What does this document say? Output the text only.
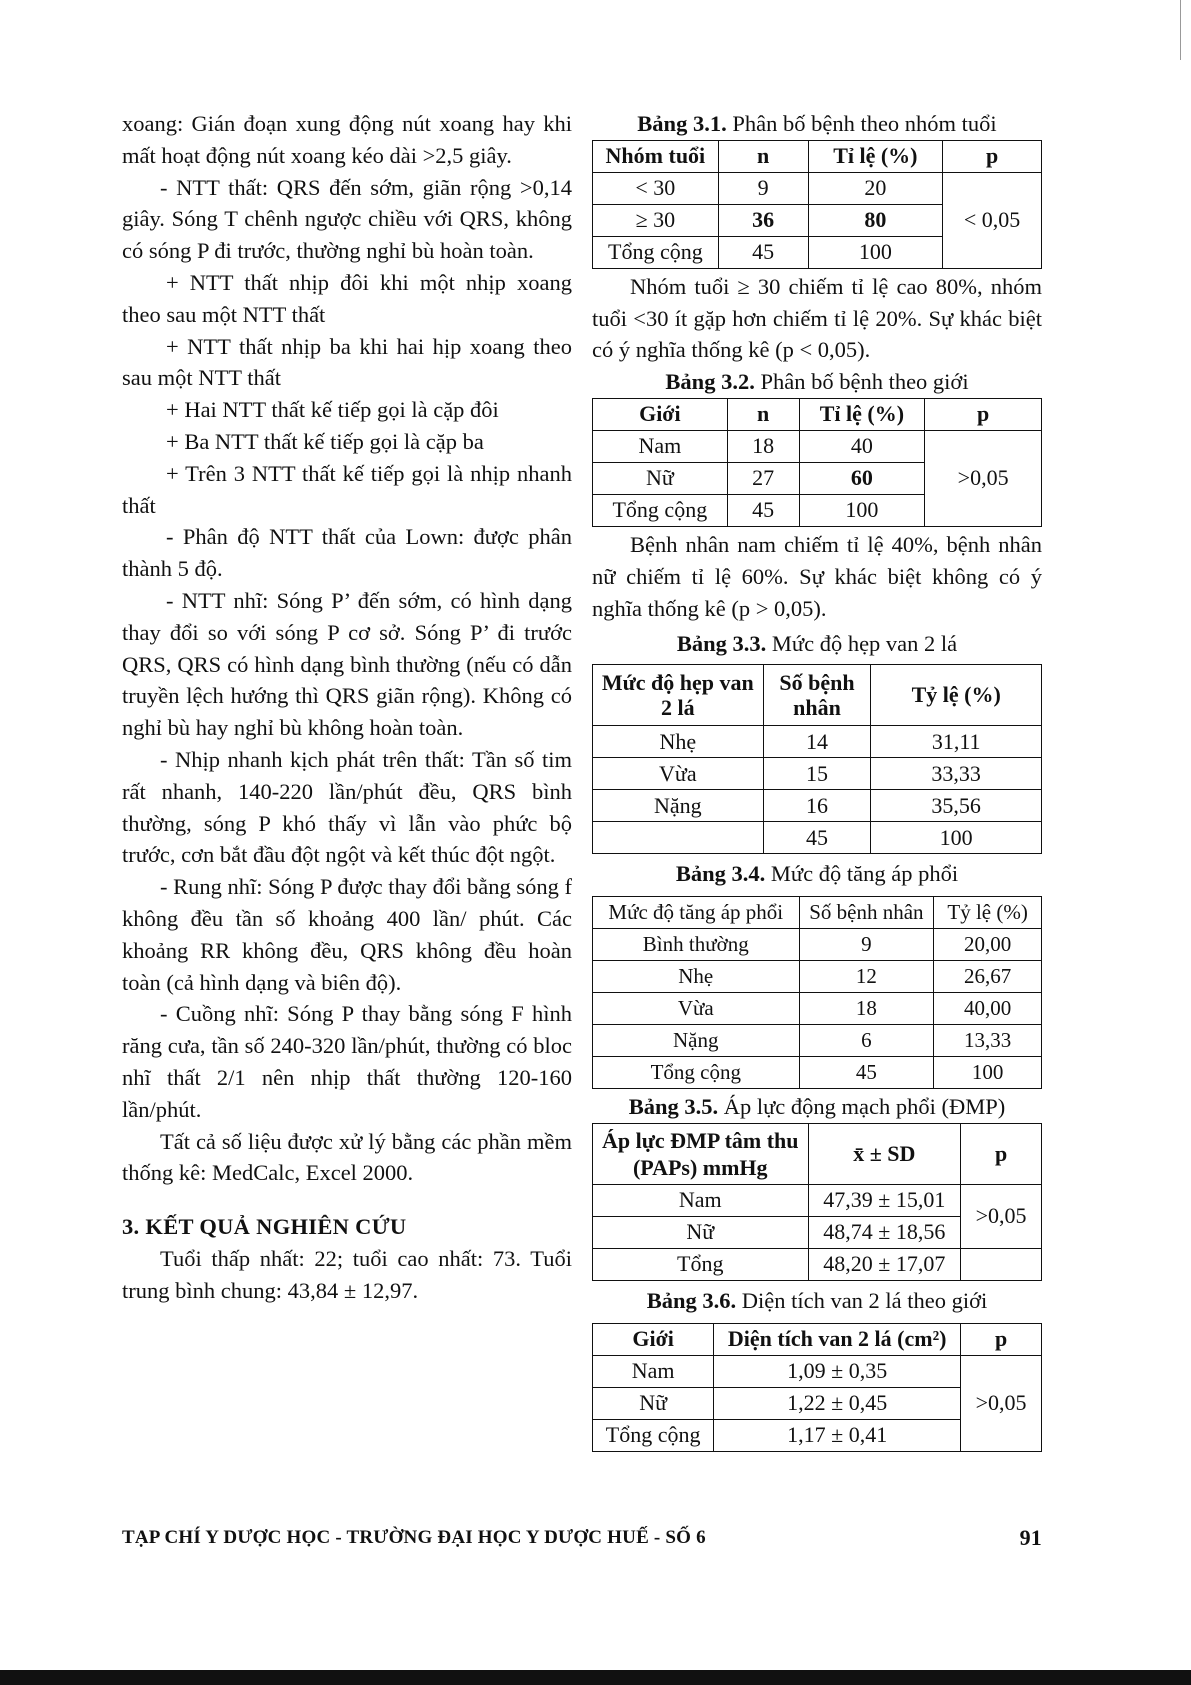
xoang: Gián đoạn xung động nút xoang hay khi mất hoạt động nút xoang kéo dài >2,5 giây.

- NTT thất: QRS đến sớm, giãn rộng >0,14 giây. Sóng T chênh ngược chiều với QRS, không có sóng P đi trước, thường nghỉ bù hoàn toàn.

+ NTT thất nhịp đôi khi một nhịp xoang theo sau một NTT thất

+ NTT thất nhịp ba khi hai hịp xoang theo sau một NTT thất

+ Hai NTT thất kế tiếp gọi là cặp đôi

+ Ba NTT thất kế tiếp gọi là cặp ba

+ Trên 3 NTT thất kế tiếp gọi là nhịp nhanh thất

- Phân độ NTT thất của Lown: được phân thành 5 độ.

- NTT nhĩ: Sóng P’ đến sớm, có hình dạng thay đổi so với sóng P cơ sở. Sóng P’ đi trước QRS, QRS có hình dạng bình thường (nếu có dẫn truyền lệch hướng thì QRS giãn rộng). Không có nghỉ bù hay nghỉ bù không hoàn toàn.

- Nhịp nhanh kịch phát trên thất: Tần số tim rất nhanh, 140-220 lần/phút đều, QRS bình thường, sóng P khó thấy vì lẫn vào phức bộ trước, cơn bắt đầu đột ngột và kết thúc đột ngột.

- Rung nhĩ: Sóng P được thay đổi bằng sóng f không đều tần số khoảng 400 lần/ phút. Các khoảng RR không đều, QRS không đều hoàn toàn (cả hình dạng và biên độ).

- Cuồng nhĩ: Sóng P thay bằng sóng F hình răng cưa, tần số 240-320 lần/phút, thường có bloc nhĩ thất 2/1 nên nhịp thất thường 120-160 lần/phút.

Tất cả số liệu được xử lý bằng các phần mềm thống kê: MedCalc, Excel 2000.

3. KẾT QUẢ NGHIÊN CỨU

Tuổi thấp nhất: 22; tuổi cao nhất: 73. Tuổi trung bình chung: 43,84 ± 12,97.

Bảng 3.1. Phân bố bệnh theo nhóm tuổi

Nhóm tuổi	n	Tỉ lệ (%)	p
< 30	9	20	< 0,05
≥ 30	36	80	
Tổng cộng	45	100	

Nhóm tuổi ≥ 30 chiếm tỉ lệ cao 80%, nhóm tuổi <30 ít gặp hơn chiếm tỉ lệ 20%. Sự khác biệt có ý nghĩa thống kê (p < 0,05).

Bảng 3.2. Phân bố bệnh theo giới

Giới	n	Tỉ lệ (%)	p
Nam	18	40	>0,05
Nữ	27	60	
Tổng cộng	45	100	

Bệnh nhân nam chiếm tỉ lệ 40%, bệnh nhân nữ chiếm tỉ lệ 60%. Sự khác biệt không có ý nghĩa thống kê (p > 0,05).

Bảng 3.3. Mức độ hẹp van 2 lá

Mức độ hẹp van 2 lá	Số bệnh nhân	Tỷ lệ (%)
Nhẹ	14	31,11
Vừa	15	33,33
Nặng	16	35,56
	45	100

Bảng 3.4. Mức độ tăng áp phổi

Mức độ tăng áp phổi	Số bệnh nhân	Tỷ lệ (%)
Bình thường	9	20,00
Nhẹ	12	26,67
Vừa	18	40,00
Nặng	6	13,33
Tổng cộng	45	100

Bảng 3.5. Áp lực động mạch phổi (ĐMP)

Áp lực ĐMP tâm thu (PAPs) mmHg	x̄ ± SD	p
Nam	47,39 ± 15,01	>0,05
Nữ	48,74 ± 18,56	
Tổng	48,20 ± 17,07	

Bảng 3.6. Diện tích van 2 lá theo giới

Giới	Diện tích van 2 lá (cm²)	p
Nam	1,09 ± 0,35	>0,05
Nữ	1,22 ± 0,45	
Tổng cộng	1,17 ± 0,41	
TẠP CHÍ Y DƯỢC HỌC - TRƯỜNG ĐẠI HỌC Y DƯỢC HUẾ - SỐ 6	91
